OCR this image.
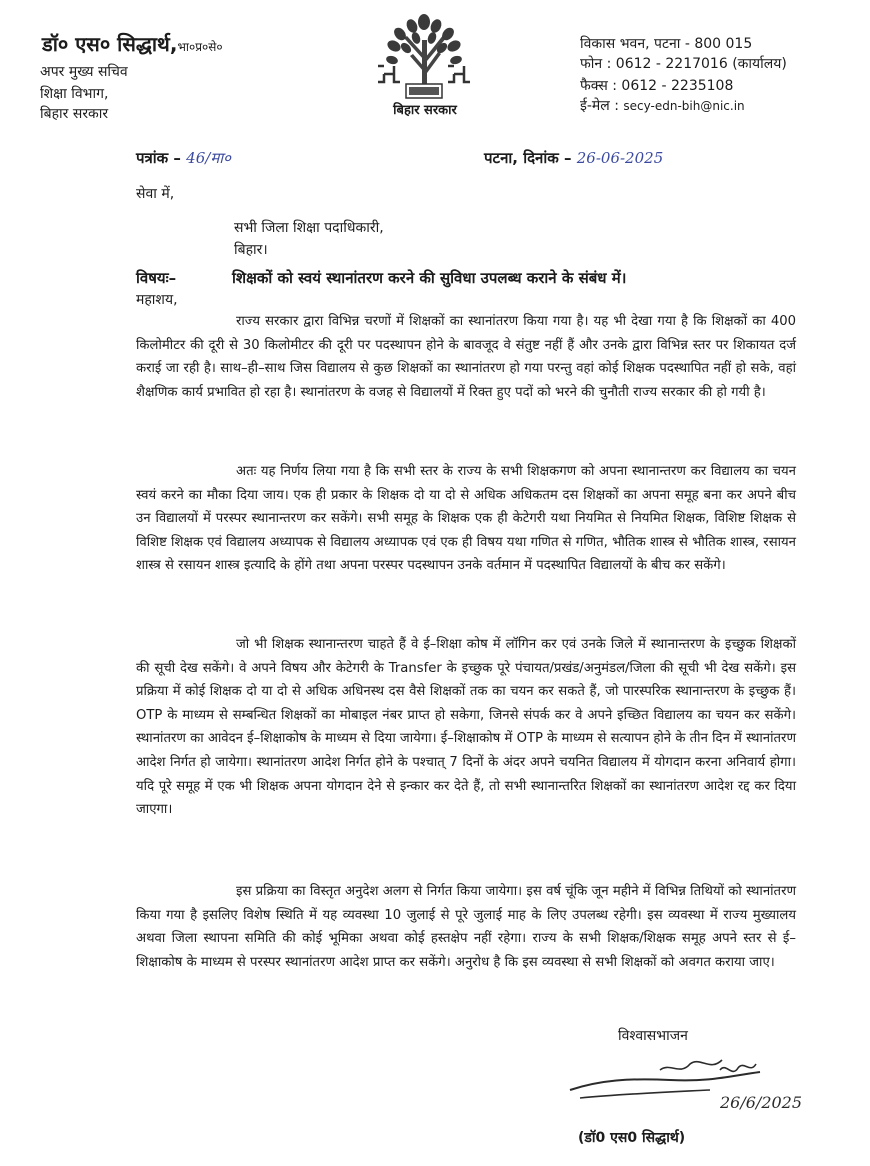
डॉ० एस० सिद्धार्थ,भा०प्र०से०
अपर मुख्य सचिव
शिक्षा विभाग,
बिहार सरकार	बिहार सरकार
विकास भवन, पटना - 800 015
फोन : 0612 - 2217016 (कार्यालय)
फैक्स : 0612 - 2235108
ई-मेल : secy-edn-bih@nic.in
पत्रांक – 46/मा०	पटना, दिनांक – 26-06-2025
सेवा में,
सभी जिला शिक्षा पदाधिकारी,
बिहार।
विषयः–	शिक्षकों को स्वयं स्थानांतरण करने की सुविधा उपलब्ध कराने के संबंध में।
महाशय,
राज्य सरकार द्वारा विभिन्न चरणों में शिक्षकों का स्थानांतरण किया गया है। यह भी देखा गया है कि शिक्षकों का 400 किलोमीटर की दूरी से 30 किलोमीटर की दूरी पर पदस्थापन होने के बावजूद वे संतुष्ट नहीं हैं और उनके द्वारा विभिन्न स्तर पर शिकायत दर्ज कराई जा रही है। साथ–ही–साथ जिस विद्यालय से कुछ शिक्षकों का स्थानांतरण हो गया परन्तु वहां कोई शिक्षक पदस्थापित नहीं हो सके, वहां शैक्षणिक कार्य प्रभावित हो रहा है। स्थानांतरण के वजह से विद्यालयों में रिक्त हुए पदों को भरने की चुनौती राज्य सरकार की हो गयी है।
अतः यह निर्णय लिया गया है कि सभी स्तर के राज्य के सभी शिक्षकगण को अपना स्थानान्तरण कर विद्यालय का चयन स्वयं करने का मौका दिया जाय। एक ही प्रकार के शिक्षक दो या दो से अधिक अधिकतम दस शिक्षकों का अपना समूह बना कर अपने बीच उन विद्यालयों में परस्पर स्थानान्तरण कर सकेंगे। सभी समूह के शिक्षक एक ही केटेगरी यथा नियमित से नियमित शिक्षक, विशिष्ट शिक्षक से विशिष्ट शिक्षक एवं विद्यालय अध्यापक से विद्यालय अध्यापक एवं एक ही विषय यथा गणित से गणित, भौतिक शास्त्र से भौतिक शास्त्र, रसायन शास्त्र से रसायन शास्त्र इत्यादि के होंगे तथा अपना परस्पर पदस्थापन उनके वर्तमान में पदस्थापित विद्यालयों के बीच कर सकेंगे।
जो भी शिक्षक स्थानान्तरण चाहते हैं वे ई–शिक्षा कोष में लॉगिन कर एवं उनके जिले में स्थानान्तरण के इच्छुक शिक्षकों की सूची देख सकेंगे। वे अपने विषय और केटेगरी के Transfer के इच्छुक पूरे पंचायत/प्रखंड/अनुमंडल/जिला की सूची भी देख सकेंगे। इस प्रक्रिया में कोई शिक्षक दो या दो से अधिक अधिनस्थ दस वैसे शिक्षकों तक का चयन कर सकते हैं, जो पारस्परिक स्थानान्तरण के इच्छुक हैं। OTP के माध्यम से सम्बन्धित शिक्षकों का मोबाइल नंबर प्राप्त हो सकेगा, जिनसे संपर्क कर वे अपने इच्छित विद्यालय का चयन कर सकेंगे। स्थानांतरण का आवेदन ई–शिक्षाकोष के माध्यम से दिया जायेगा। ई–शिक्षाकोष में OTP के माध्यम से सत्यापन होने के तीन दिन में स्थानांतरण आदेश निर्गत हो जायेगा। स्थानांतरण आदेश निर्गत होने के पश्चात् 7 दिनों के अंदर अपने चयनित विद्यालय में योगदान करना अनिवार्य होगा। यदि पूरे समूह में एक भी शिक्षक अपना योगदान देने से इन्कार कर देते हैं, तो सभी स्थानान्तरित शिक्षकों का स्थानांतरण आदेश रद्द कर दिया जाएगा।
इस प्रक्रिया का विस्तृत अनुदेश अलग से निर्गत किया जायेगा। इस वर्ष चूंकि जून महीने में विभिन्न तिथियों को स्थानांतरण किया गया है इसलिए विशेष स्थिति में यह व्यवस्था 10 जुलाई से पूरे जुलाई माह के लिए उपलब्ध रहेगी। इस व्यवस्था में राज्य मुख्यालय अथवा जिला स्थापना समिति की कोई भूमिका अथवा कोई हस्तक्षेप नहीं रहेगा। राज्य के सभी शिक्षक/शिक्षक समूह अपने स्तर से ई–शिक्षाकोष के माध्यम से परस्पर स्थानांतरण आदेश प्राप्त कर सकेंगे। अनुरोध है कि इस व्यवस्था से सभी शिक्षकों को अवगत कराया जाए।
विश्वासभाजन
26/6/2025
(डॉ0 एस0 सिद्धार्थ)
